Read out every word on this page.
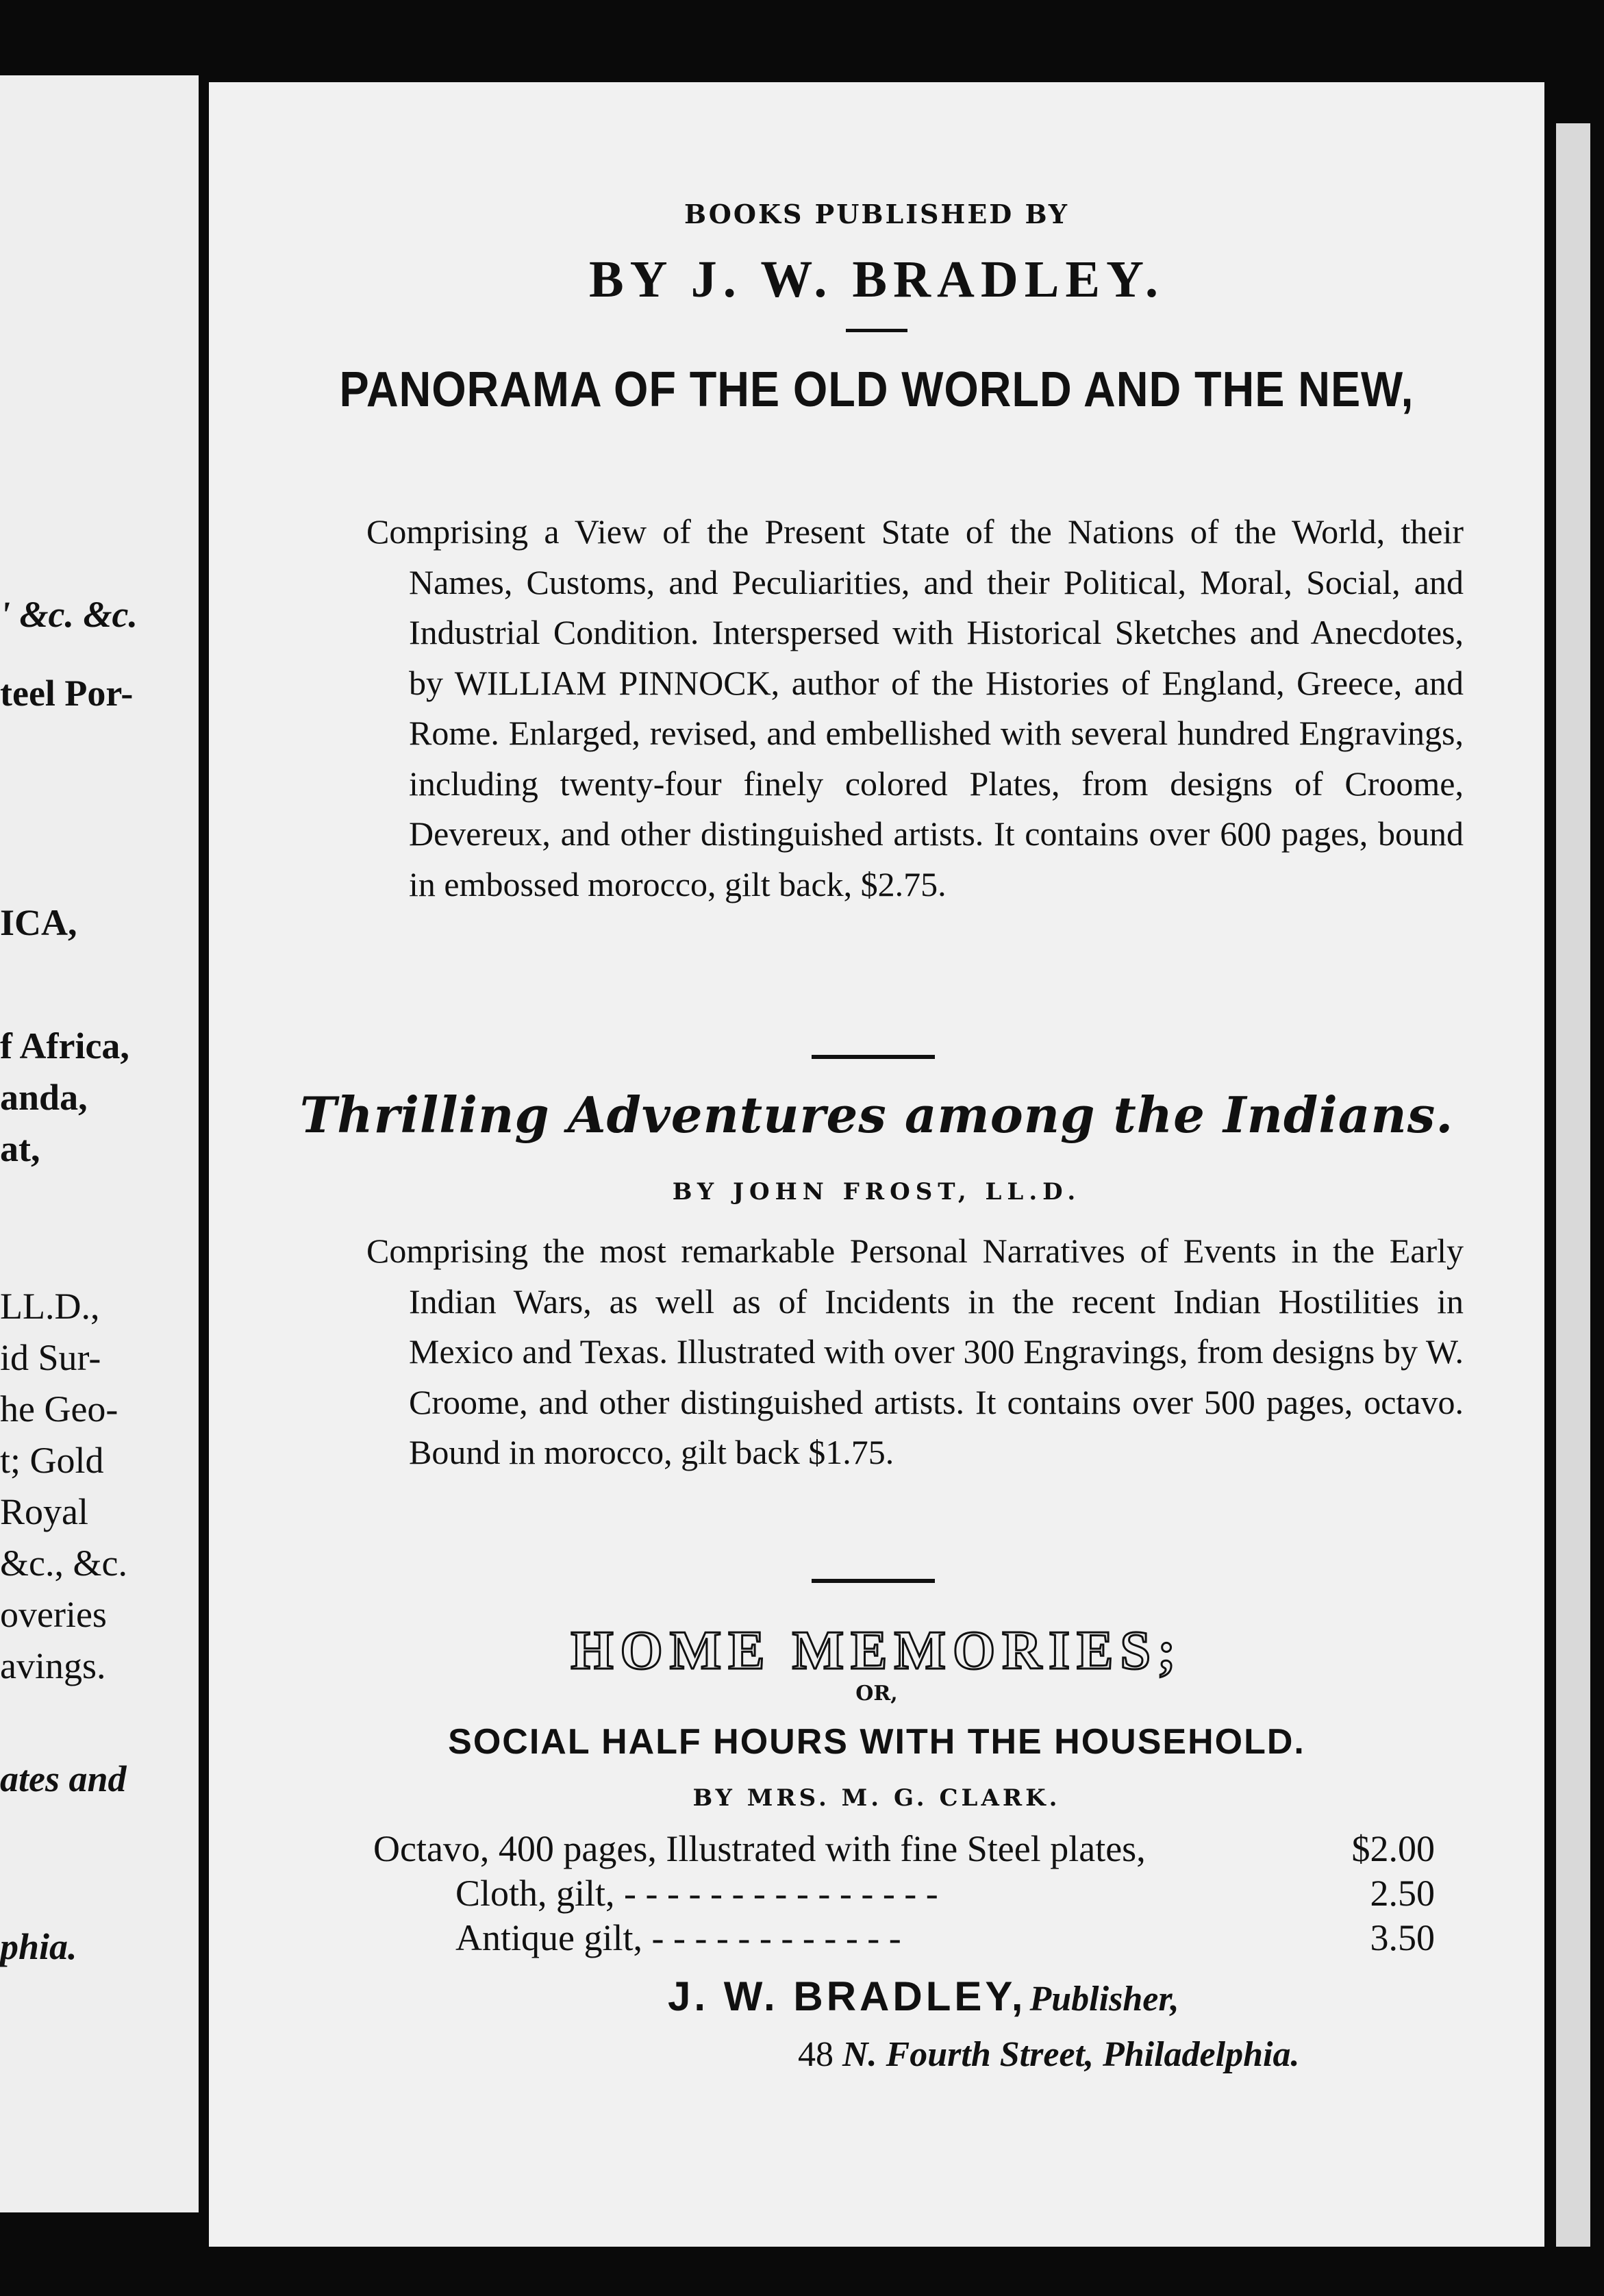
' &c. &c.
teel Por-
ICA,
f Africa,
anda,
at,
LL.D.,
id Sur-
he Geo-
t; Gold
Royal
&c., &c.
overies
avings.
ates and
phia.
BOOKS PUBLISHED BY
BY J. W. BRADLEY.
PANORAMA OF THE OLD WORLD AND THE NEW,
Comprising a View of the Present State of the Nations of the World, their Names, Customs, and Peculiarities, and their Political, Moral, Social, and Industrial Condition. Interspersed with Historical Sketches and Anecdotes, by WILLIAM PINNOCK, author of the Histories of England, Greece, and Rome. Enlarged, revised, and embellished with several hundred Engravings, including twenty-four finely colored Plates, from designs of Croome, Devereux, and other distinguished artists. It contains over 600 pages, bound in embossed morocco, gilt back, $2.75.
Thrilling Adventures among the Indians.
BY JOHN FROST, LL.D.
Comprising the most remarkable Personal Narratives of Events in the Early Indian Wars, as well as of Incidents in the recent Indian Hostilities in Mexico and Texas. Illustrated with over 300 Engravings, from designs by W. Croome, and other distinguished artists. It contains over 500 pages, octavo. Bound in morocco, gilt back $1.75.
HOME MEMORIES;
OR,
SOCIAL HALF HOURS WITH THE HOUSEHOLD.
BY MRS. M. G. CLARK.
Octavo, 400 pages, Illustrated with fine Steel plates,	$2.00
Cloth, gilt, - - - - - - - - - - - - - - -	2.50
Antique gilt, - - - - - - - - - - - -	3.50
J. W. BRADLEY, Publisher,
48 N. Fourth Street, Philadelphia.
